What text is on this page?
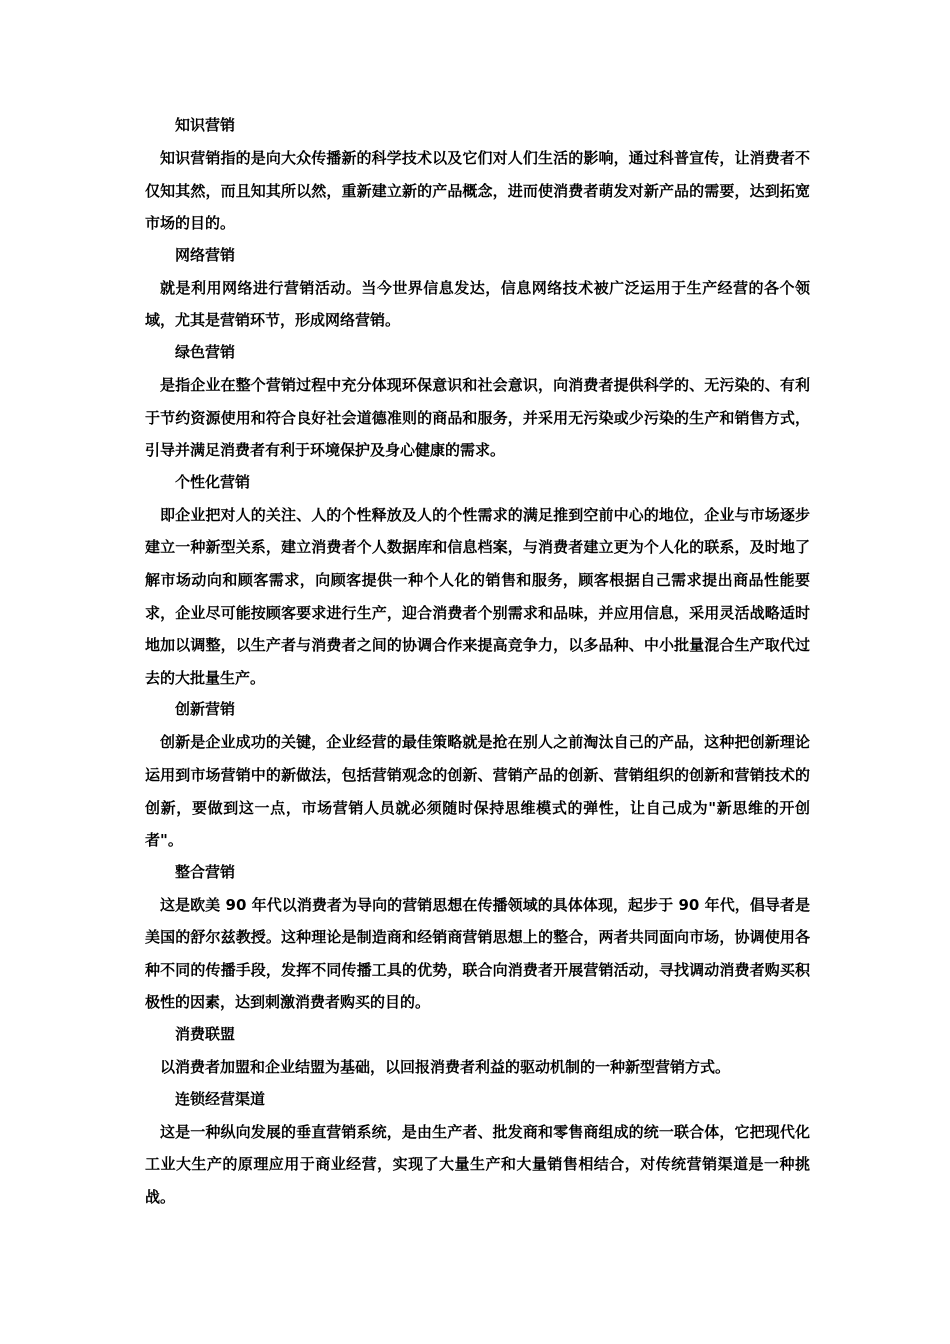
知识营销

知识营销指的是向大众传播新的科学技术以及它们对人们生活的影响，通过科普宣传，让消费者不仅知其然，而且知其所以然，重新建立新的产品概念，进而使消费者萌发对新产品的需要，达到拓宽市场的目的。

网络营销

就是利用网络进行营销活动。当今世界信息发达，信息网络技术被广泛运用于生产经营的各个领域，尤其是营销环节，形成网络营销。

绿色营销

是指企业在整个营销过程中充分体现环保意识和社会意识，向消费者提供科学的、无污染的、有利于节约资源使用和符合良好社会道德准则的商品和服务，并采用无污染或少污染的生产和销售方式，引导并满足消费者有利于环境保护及身心健康的需求。

个性化营销

即企业把对人的关注、人的个性释放及人的个性需求的满足推到空前中心的地位，企业与市场逐步建立一种新型关系，建立消费者个人数据库和信息档案，与消费者建立更为个人化的联系，及时地了解市场动向和顾客需求，向顾客提供一种个人化的销售和服务，顾客根据自己需求提出商品性能要求，企业尽可能按顾客要求进行生产，迎合消费者个别需求和品味，并应用信息，采用灵活战略适时地加以调整，以生产者与消费者之间的协调合作来提高竞争力，以多品种、中小批量混合生产取代过去的大批量生产。

创新营销

创新是企业成功的关键，企业经营的最佳策略就是抢在别人之前淘汰自己的产品，这种把创新理论运用到市场营销中的新做法，包括营销观念的创新、营销产品的创新、营销组织的创新和营销技术的创新，要做到这一点，市场营销人员就必须随时保持思维模式的弹性，让自己成为"新思维的开创者"。

整合营销

这是欧美 90 年代以消费者为导向的营销思想在传播领域的具体体现，起步于 90 年代，倡导者是美国的舒尔兹教授。这种理论是制造商和经销商营销思想上的整合，两者共同面向市场，协调使用各种不同的传播手段，发挥不同传播工具的优势，联合向消费者开展营销活动，寻找调动消费者购买积极性的因素，达到刺激消费者购买的目的。

消费联盟

以消费者加盟和企业结盟为基础，以回报消费者利益的驱动机制的一种新型营销方式。

连锁经营渠道

这是一种纵向发展的垂直营销系统，是由生产者、批发商和零售商组成的统一联合体，它把现代化工业大生产的原理应用于商业经营，实现了大量生产和大量销售相结合，对传统营销渠道是一种挑战。
